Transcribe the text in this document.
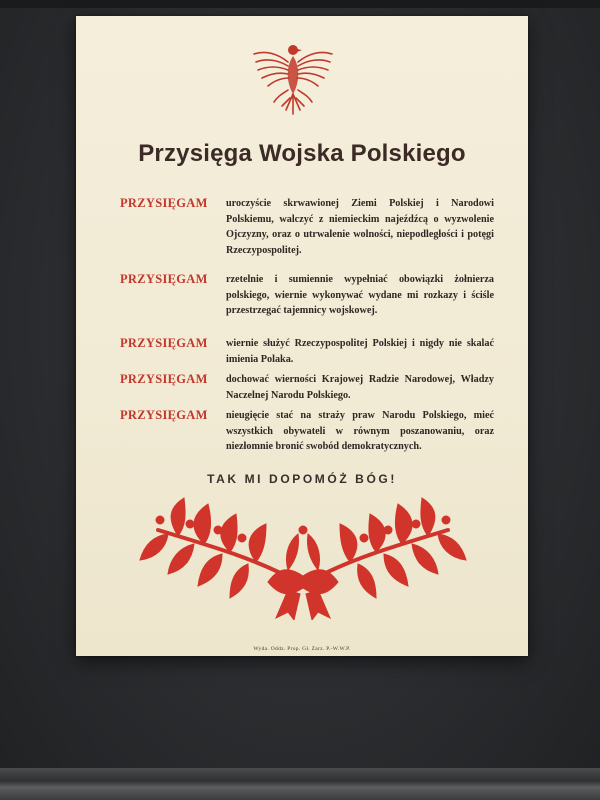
Przysięga Wojska Polskiego
PRZYSIĘGAM uroczyście skrwawionej Ziemi Polskiej i Narodowi Polskiemu, walczyć z niemieckim najeźdźcą o wyzwolenie Ojczyzny, oraz o utrwalenie wolności, niepodległości i potęgi Rzeczypospolitej.
PRZYSIĘGAM rzetelnie i sumiennie wypełniać obowiązki żołnierza polskiego, wiernie wykonywać wydane mi rozkazy i ściśle przestrzegać tajemnicy wojskowej.
PRZYSIĘGAM wiernie służyć Rzeczypospolitej Polskiej i nigdy nie skalać imienia Polaka.
PRZYSIĘGAM dochować wierności Krajowej Radzie Narodowej, Władzy Naczelnej Narodu Polskiego.
PRZYSIĘGAM nieugięcie stać na straży praw Narodu Polskiego, mieć wszystkich obywateli w równym poszanowaniu, oraz niezłomnie bronić swobód demokratycznych.
TAK MI DOPOMÓŻ BÓG!
Wyda. Oddz. Prop. Gł. Zarz. P.-W.W.P.
